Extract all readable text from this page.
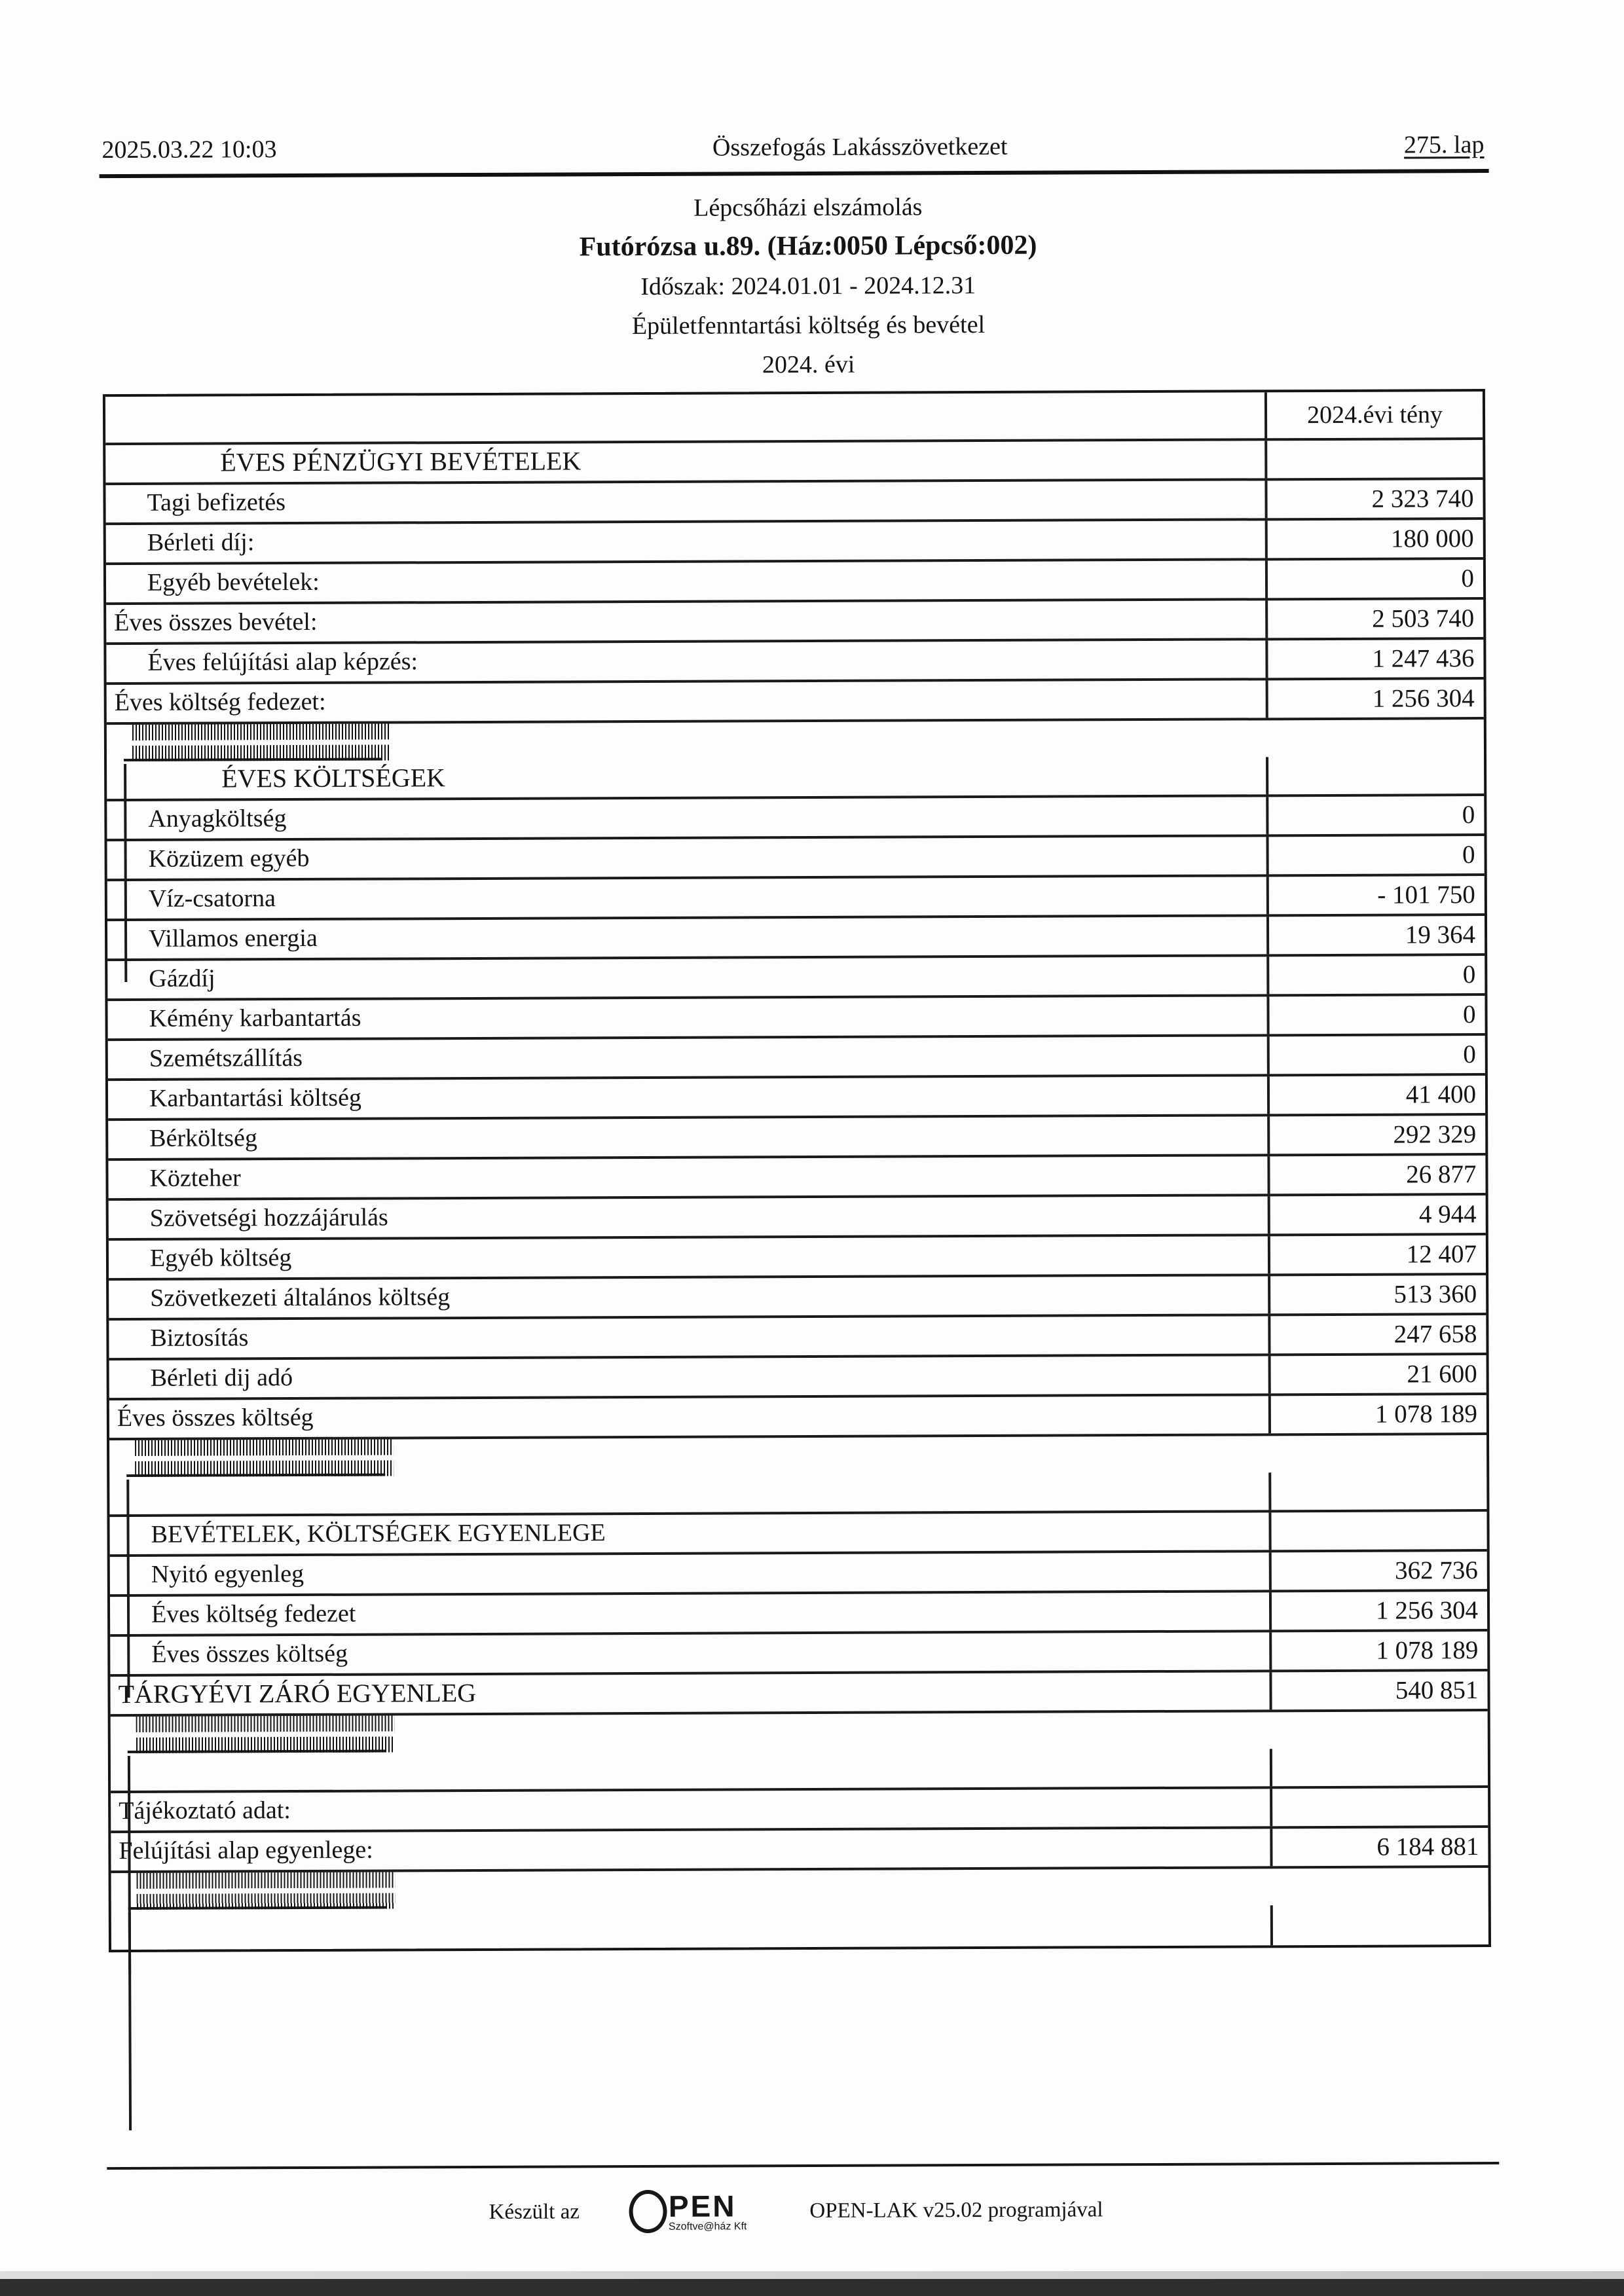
2025.03.22 10:03	Összefogás Lakásszövetkezet	275. lap
Lépcsőházi elszámolás
Futórózsa u.89. (Ház:0050 Lépcső:002)
Időszak: 2024.01.01 - 2024.12.31
Épületfenntartási költség és bevétel
2024. évi
2024.évi tény
ÉVES PÉNZÜGYI BEVÉTELEK
Tagi befizetés	2 323 740
Bérleti díj:	180 000
Egyéb bevételek:	0
Éves összes bevétel:	2 503 740
Éves felújítási alap képzés:	1 247 436
Éves költség fedezet:	1 256 304
ÉVES KÖLTSÉGEK
Anyagköltség	0
Közüzem egyéb	0
Víz-csatorna	- 101 750
Villamos energia	19 364
Gázdíj	0
Kémény karbantartás	0
Szemétszállítás	0
Karbantartási költség	41 400
Bérköltség	292 329
Közteher	26 877
Szövetségi hozzájárulás	4 944
Egyéb költség	12 407
Szövetkezeti általános költség	513 360
Biztosítás	247 658
Bérleti dij adó	21 600
Éves összes költség	1 078 189
BEVÉTELEK, KÖLTSÉGEK EGYENLEGE
Nyitó egyenleg	362 736
Éves költség fedezet	1 256 304
Éves összes költség	1 078 189
TÁRGYÉVI ZÁRÓ EGYENLEG	540 851
Tájékoztató adat:
Felújítási alap egyenlege:	6 184 881
Készült az	PEN
Szoftve@ház Kft
OPEN-LAK v25.02 programjával
